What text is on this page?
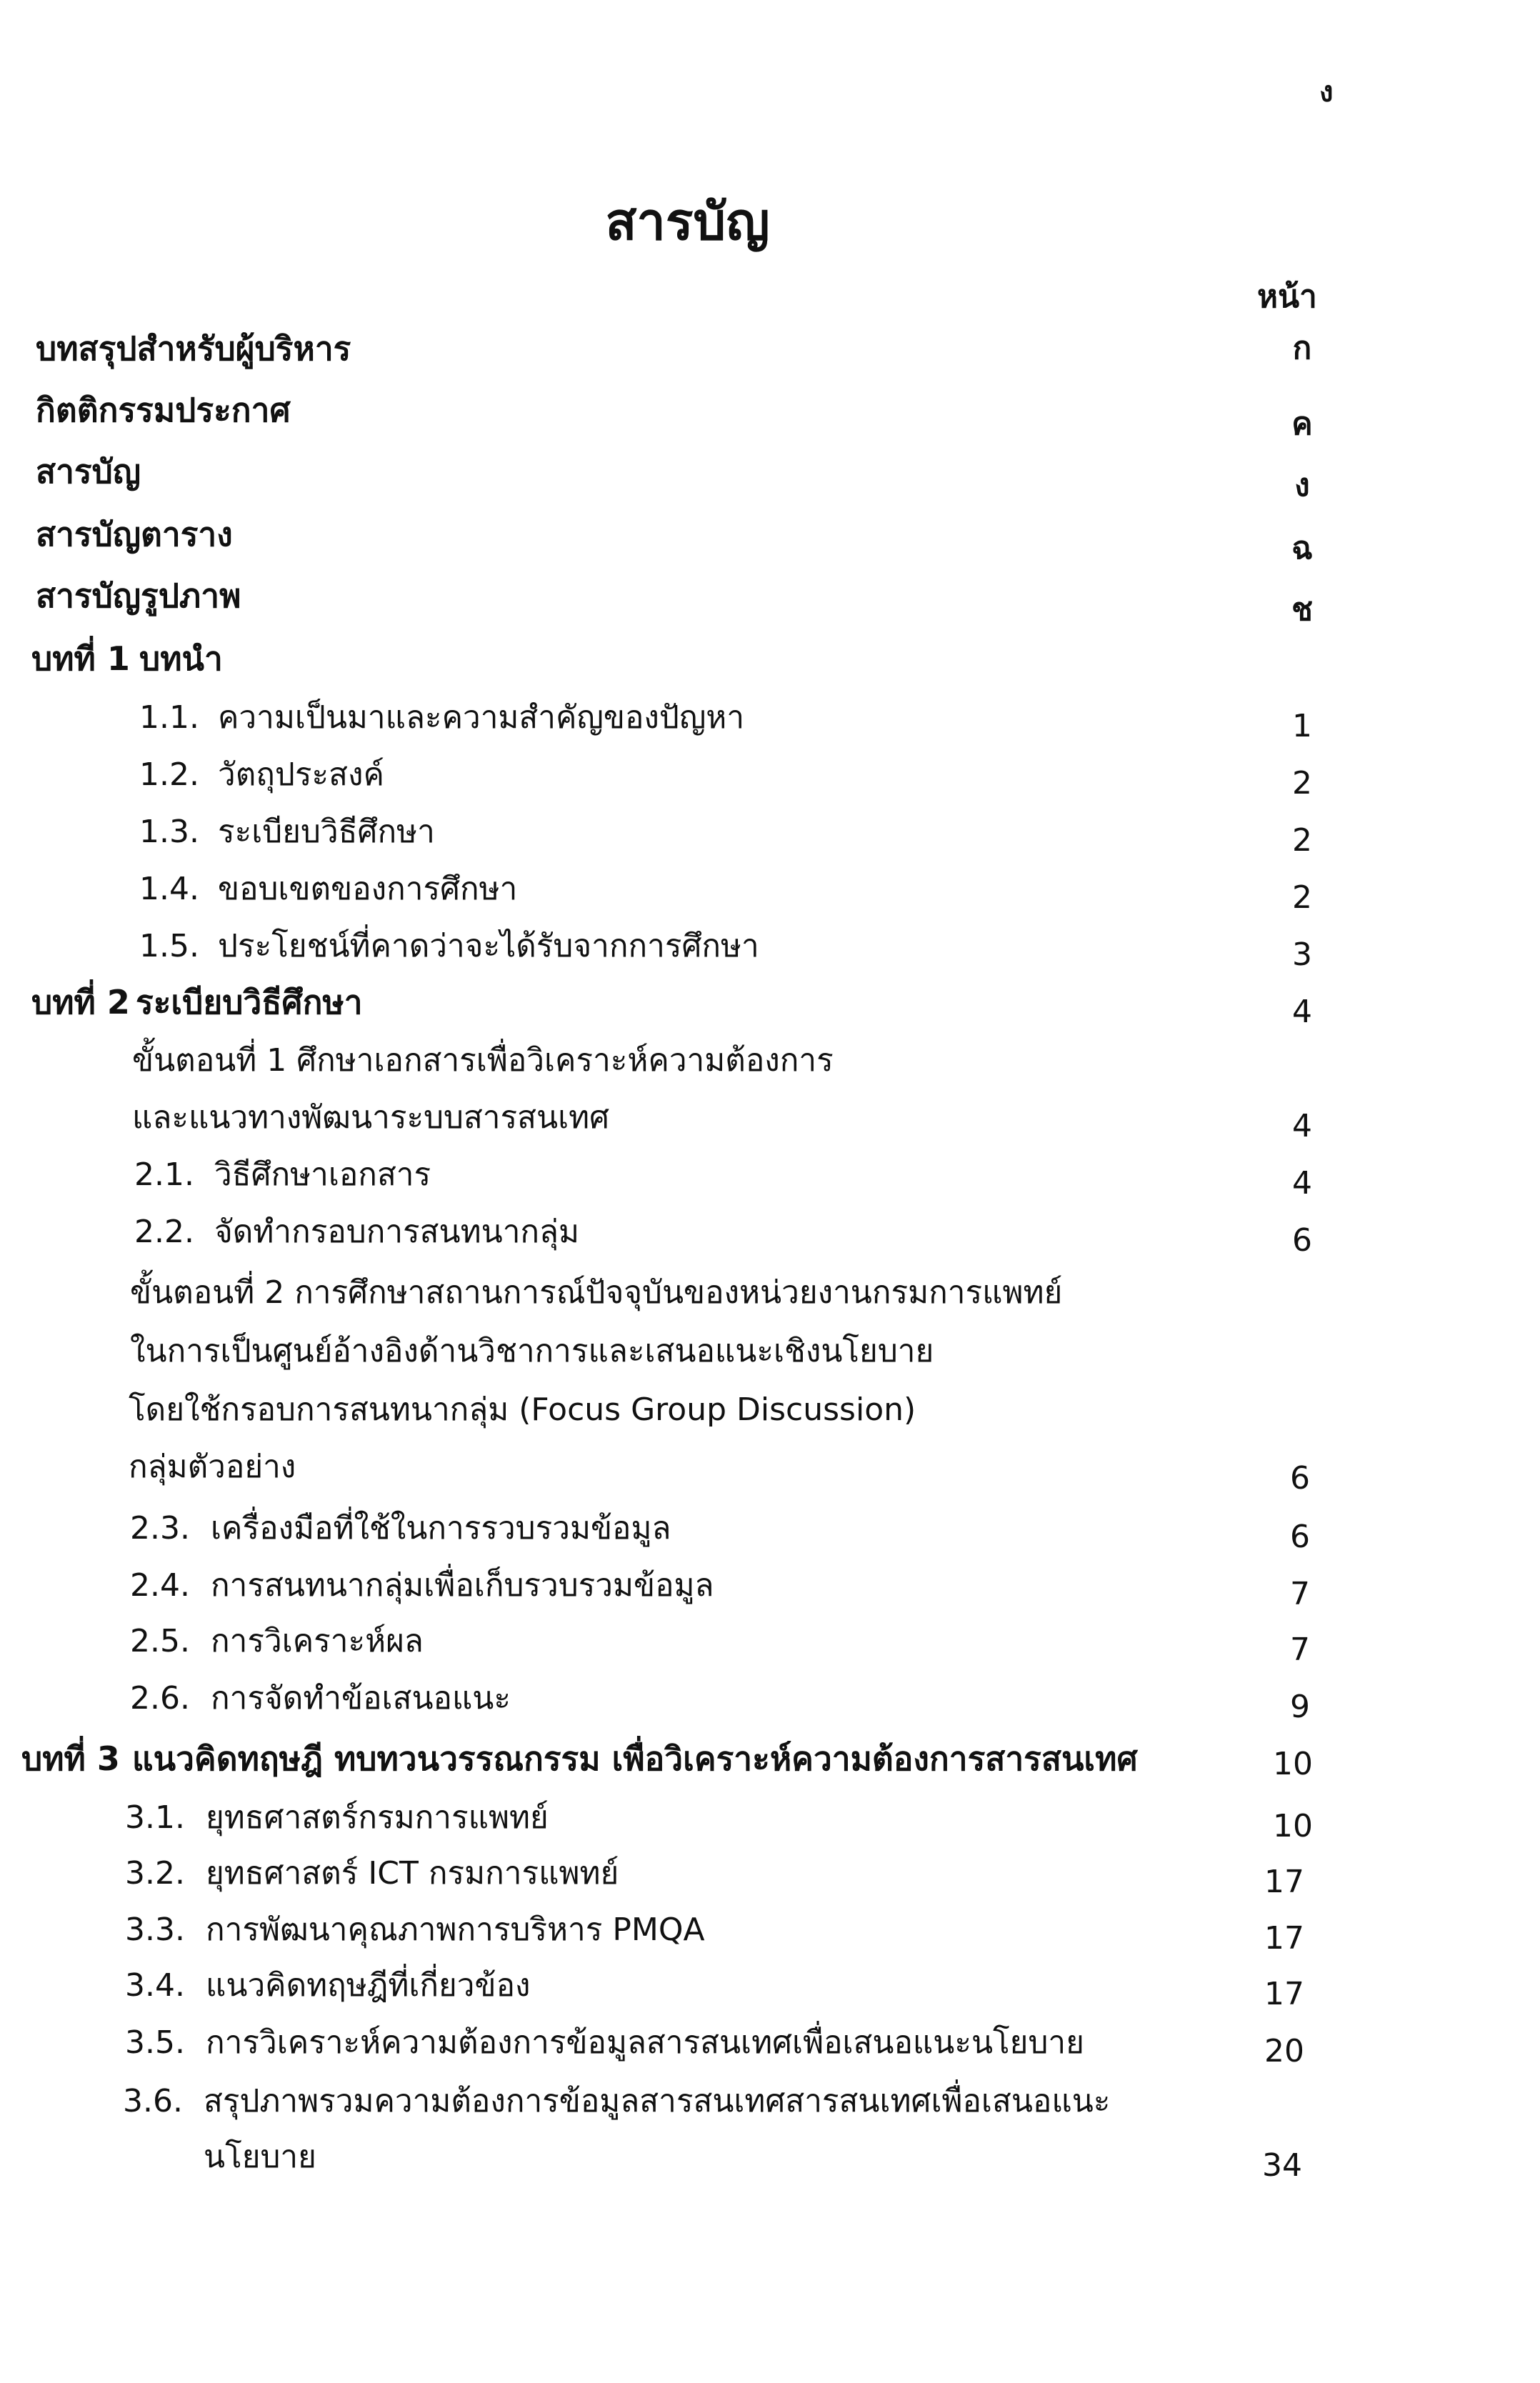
ง
สารบัญ
หน้า
บทสรุปสำหรับผู้บริหาร	ก
กิตติกรรมประกาศ	ค
สารบัญ	ง
สารบัญตาราง	ฉ
สารบัญรูปภาพ	ช
บทที่ 1 บทนำ
1.1. ความเป็นมาและความสำคัญของปัญหา	1
1.2. วัตถุประสงค์	2
1.3. ระเบียบวิธีศึกษา	2
1.4. ขอบเขตของการศึกษา	2
1.5. ประโยชน์ที่คาดว่าจะได้รับจากการศึกษา	3
บทที่ 2 ระเบียบวิธีศึกษา	4
ขั้นตอนที่ 1 ศึกษาเอกสารเพื่อวิเคราะห์ความต้องการ
และแนวทางพัฒนาระบบสารสนเทศ	4
2.1. วิธีศึกษาเอกสาร	4
2.2. จัดทำกรอบการสนทนากลุ่ม	6
ขั้นตอนที่ 2 การศึกษาสถานการณ์ปัจจุบันของหน่วยงานกรมการแพทย์
ในการเป็นศูนย์อ้างอิงด้านวิชาการและเสนอแนะเชิงนโยบาย
โดยใช้กรอบการสนทนากลุ่ม (Focus Group Discussion)
กลุ่มตัวอย่าง	6
2.3. เครื่องมือที่ใช้ในการรวบรวมข้อมูล	6
2.4. การสนทนากลุ่มเพื่อเก็บรวบรวมข้อมูล	7
2.5. การวิเคราะห์ผล	7
2.6. การจัดทำข้อเสนอแนะ	9
บทที่ 3 แนวคิดทฤษฎี ทบทวนวรรณกรรม เพื่อวิเคราะห์ความต้องการสารสนเทศ	10
3.1. ยุทธศาสตร์กรมการแพทย์	10
3.2. ยุทธศาสตร์ ICT กรมการแพทย์	17
3.3. การพัฒนาคุณภาพการบริหาร PMQA	17
3.4. แนวคิดทฤษฎีที่เกี่ยวข้อง	17
3.5. การวิเคราะห์ความต้องการข้อมูลสารสนเทศเพื่อเสนอแนะนโยบาย	20
3.6. สรุปภาพรวมความต้องการข้อมูลสารสนเทศสารสนเทศเพื่อเสนอแนะ
นโยบาย	34
